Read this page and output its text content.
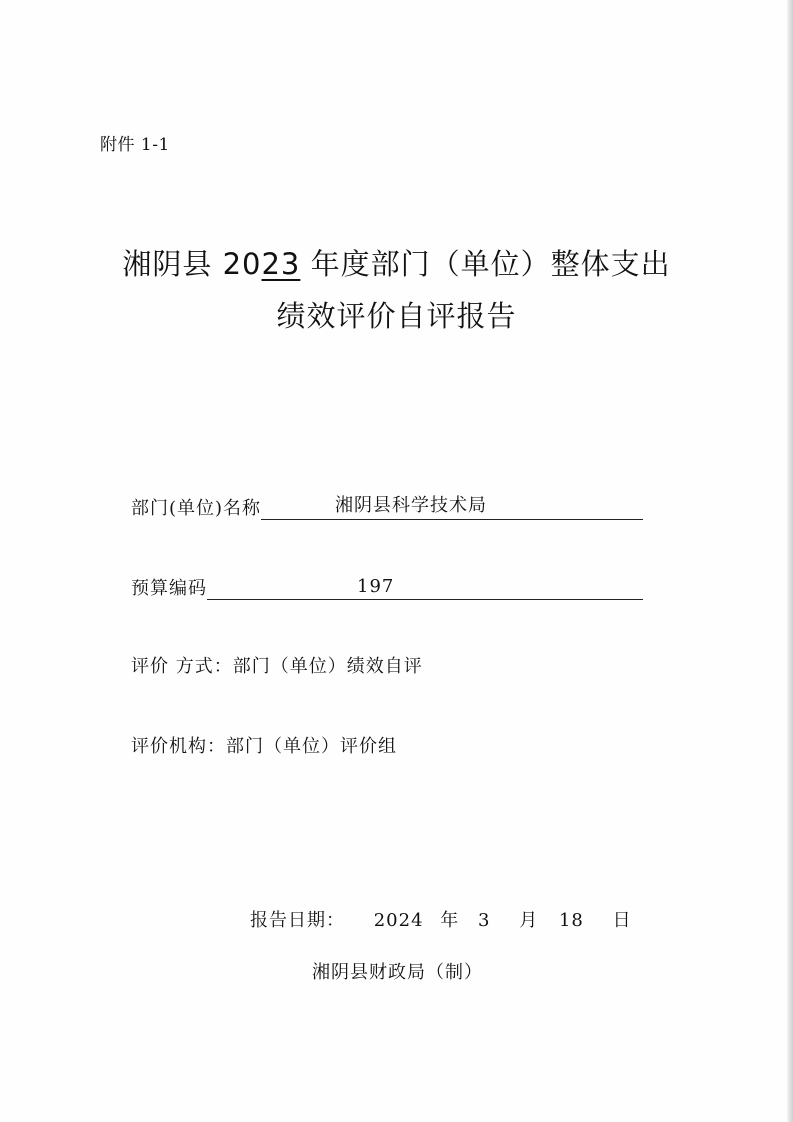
附件 1-1
湘阴县 2023 年度部门（单位）整体支出
绩效评价自评报告
部门(单位)名称	湘阴县科学技术局
预算编码	197
评价 方式：部门（单位）绩效自评
评价机构：部门（单位）评价组
报告日期： 2024 年 3 月 18 日
湘阴县财政局（制）
